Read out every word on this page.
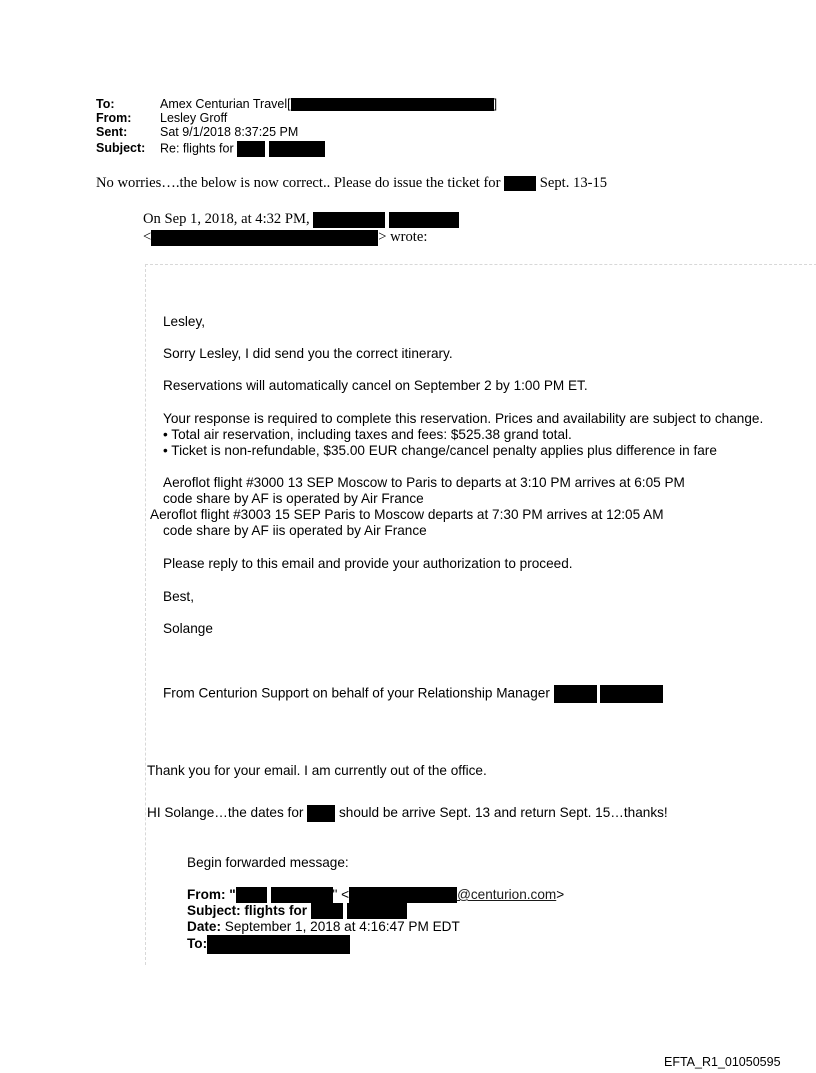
To:	Amex Centurian Travel[	]
From: Lesley Groff
Sent:	Sat 9/1/2018 8:37:25 PM
Subject: Re: flights for
No worries….the below is now correct.. Please do issue the ticket for	Sept. 13-15
On Sep 1, 2018, at 4:32 PM,
<	> wrote:
Lesley,
Sorry Lesley, I did send you the correct itinerary.
Reservations will automatically cancel on September 2 by 1:00 PM ET.
Your response is required to complete this reservation. Prices and availability are subject to change.
• Total air reservation, including taxes and fees: $525.38 grand total.
• Ticket is non-refundable, $35.00 EUR change/cancel penalty applies plus difference in fare
Aeroflot flight #3000 13 SEP Moscow to Paris to departs at 3:10 PM arrives at 6:05 PM
code share by AF is operated by Air France
Aeroflot flight #3003 15 SEP Paris to Moscow departs at 7:30 PM arrives at 12:05 AM
code share by AF iis operated by Air France
Please reply to this email and provide your authorization to proceed.
Best,
Solange
From Centurion Support on behalf of your Relationship Manager
Thank you for your email. I am currently out of the office.
HI Solange…the dates for	should be arrive Sept. 13 and return Sept. 15…thanks!
Begin forwarded message:
From: "	" <	@centurion.com>
Subject: flights for
Date: September 1, 2018 at 4:16:47 PM EDT
To:
EFTA_R1_01050595
